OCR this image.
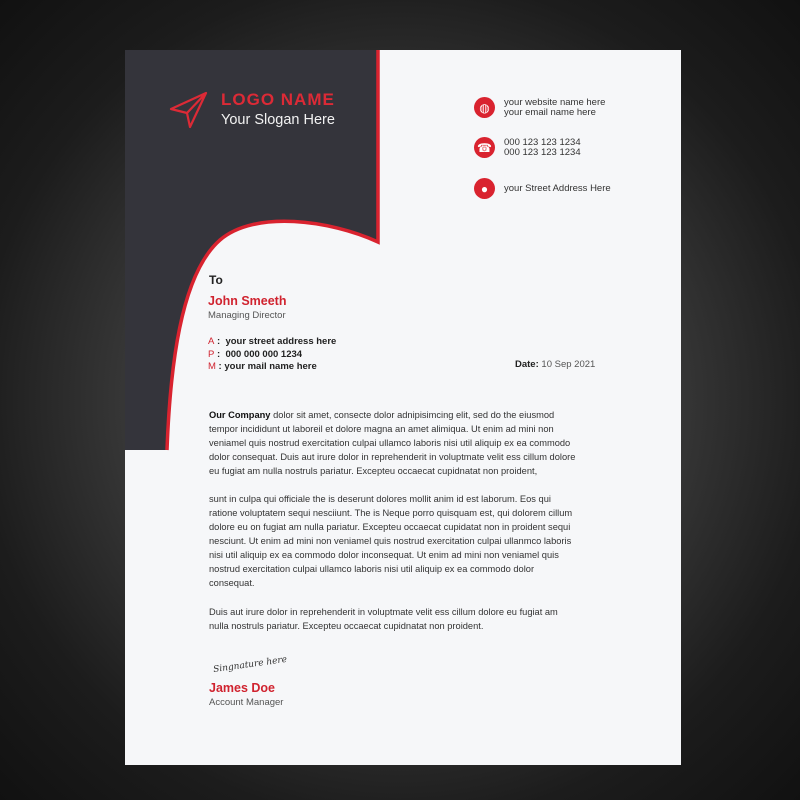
LOGO NAME
Your Slogan Here
◍	your website name here
your email name here
☎	000 123 123 1234
000 123 123 1234
●	your Street Address Here
To
John Smeeth
Managing Director
A :  your street address here
P :  000 000 000 1234
M : your mail name here	Date: 10 Sep 2021
Our Company dolor sit amet, consecte dolor adnipisimcing elit, sed do the eiusmod
tempor incididunt ut laboreil et dolore magna an amet alimiqua. Ut enim ad mini non
veniamel quis nostrud exercitation culpai ullamco laboris nisi util aliquip ex ea commodo
dolor consequat. Duis aut irure dolor in reprehenderit in voluptmate velit ess cillum dolore
eu fugiat am nulla nostruls pariatur. Excepteu occaecat cupidnatat non proident,
sunt in culpa qui officiale the is deserunt dolores mollit anim id est laborum. Eos qui
ratione voluptatem sequi nesciiunt. The is Neque porro quisquam est, qui dolorem cillum
dolore eu on fugiat am nulla pariatur. Excepteu occaecat cupidatat non in proident sequi
nesciunt. Ut enim ad mini non veniamel quis nostrud exercitation culpai ullanmco laboris
nisi util aliquip ex ea commodo dolor inconsequat. Ut enim ad mini non veniamel quis
nostrud exercitation culpai ullamco laboris nisi util aliquip ex ea commodo dolor
consequat.
Duis aut irure dolor in reprehenderit in voluptmate velit ess cillum dolore eu fugiat am
nulla nostruls pariatur. Excepteu occaecat cupidnatat non proident.
Singnature here
James Doe
Account Manager
